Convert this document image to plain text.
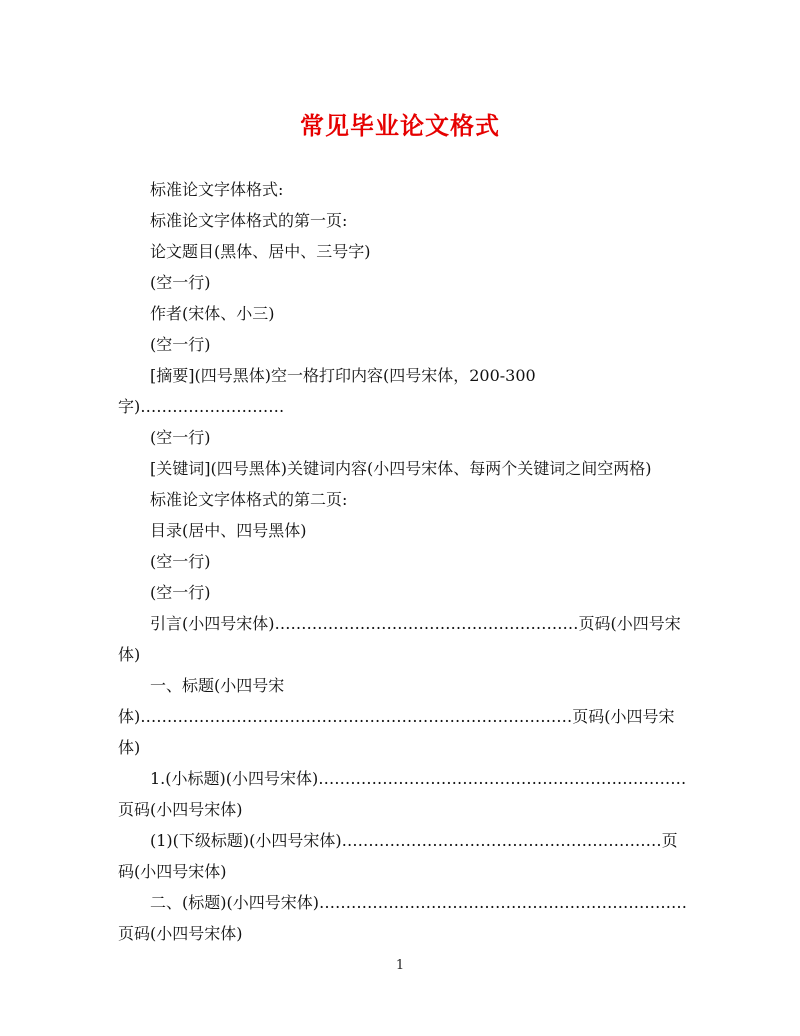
常见毕业论文格式

标准论文字体格式:

标准论文字体格式的第一页:

论文题目(黑体、居中、三号字)

(空一行)

作者(宋体、小三)

(空一行)

[摘要](四号黑体)空一格打印内容(四号宋体，200-300 字)………………………

(空一行)

[关键词](四号黑体)关键词内容(小四号宋体、每两个关键词之间空两格)

标准论文字体格式的第二页:

目录(居中、四号黑体)

(空一行)

(空一行)

引言(小四号宋体)…………………………………………………页码(小四号宋体)

一、标题(小四号宋体)………………………………………………………………………页码(小四号宋体)

1.(小标题)(小四号宋体)……………………………………………………………页码(小四号宋体)

(1)(下级标题)(小四号宋体)……………………………………………………页码(小四号宋体)

二、(标题)(小四号宋体)……………………………………………………………页码(小四号宋体)

1
